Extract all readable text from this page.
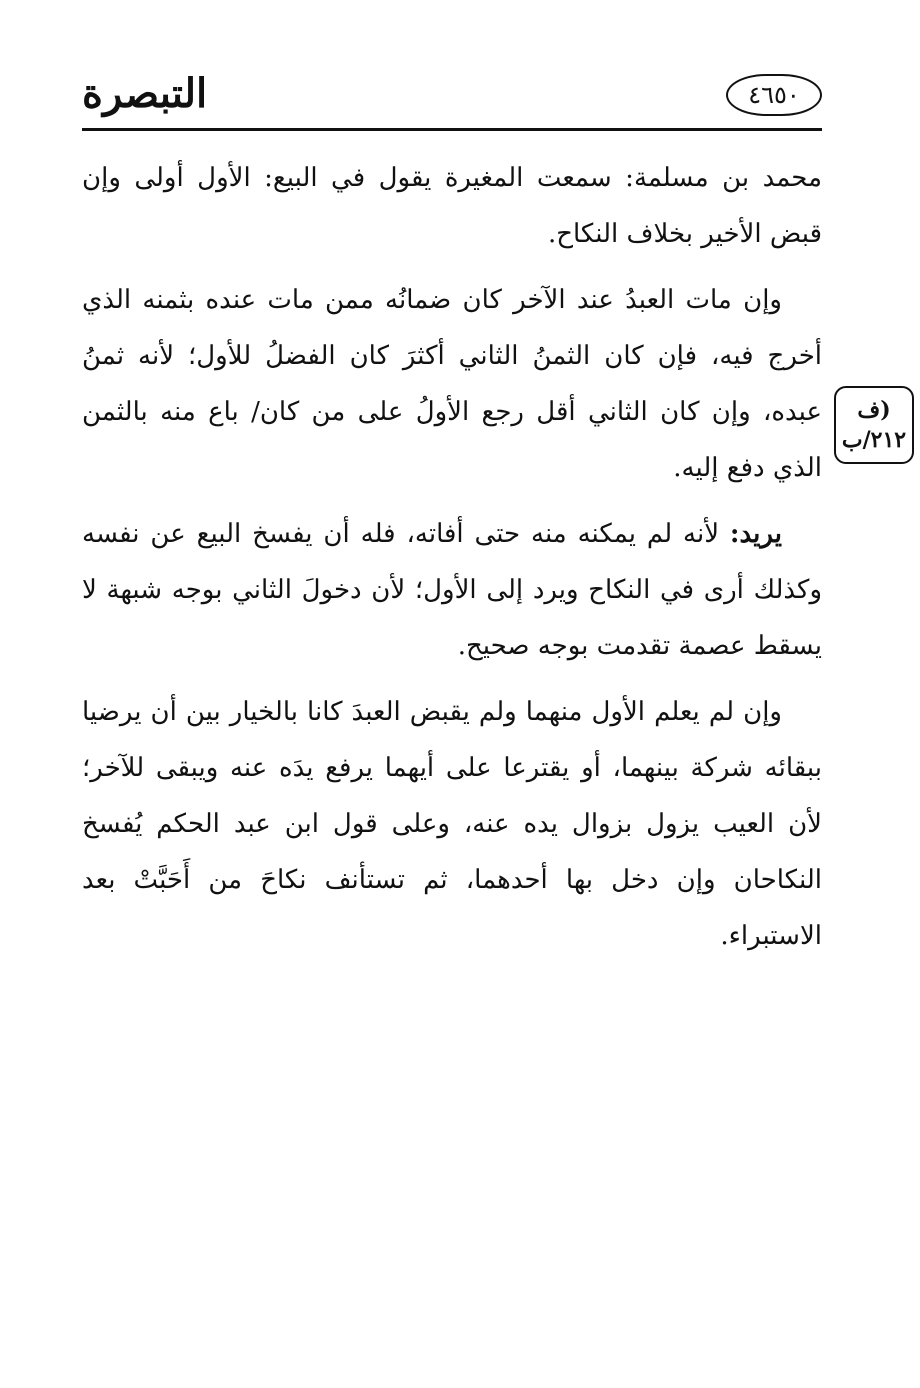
التبصرة	٤٦٥٠
(ف
٢١٢/ب

محمد بن مسلمة: سمعت المغيرة يقول في البيع: الأول أولى وإن قبض الأخير بخلاف النكاح.

وإن مات العبدُ عند الآخر كان ضمانُه ممن مات عنده بثمنه الذي أخرج فيه، فإن كان الثمنُ الثاني أكثرَ كان الفضلُ للأول؛ لأنه ثمنُ عبده، وإن كان الثاني أقل رجع الأولُ على من كان/ باع منه بالثمن الذي دفع إليه.

يريد: لأنه لم يمكنه منه حتى أفاته، فله أن يفسخ البيع عن نفسه وكذلك أرى في النكاح ويرد إلى الأول؛ لأن دخولَ الثاني بوجه شبهة لا يسقط عصمة تقدمت بوجه صحيح.

وإن لم يعلم الأول منهما ولم يقبض العبدَ كانا بالخيار بين أن يرضيا ببقائه شركة بينهما، أو يقترعا على أيهما يرفع يدَه عنه ويبقى للآخر؛ لأن العيب يزول بزوال يده عنه، وعلى قول ابن عبد الحكم يُفسخ النكاحان وإن دخل بها أحدهما، ثم تستأنف نكاحَ من أَحَبَّتْ بعد الاستبراء.
